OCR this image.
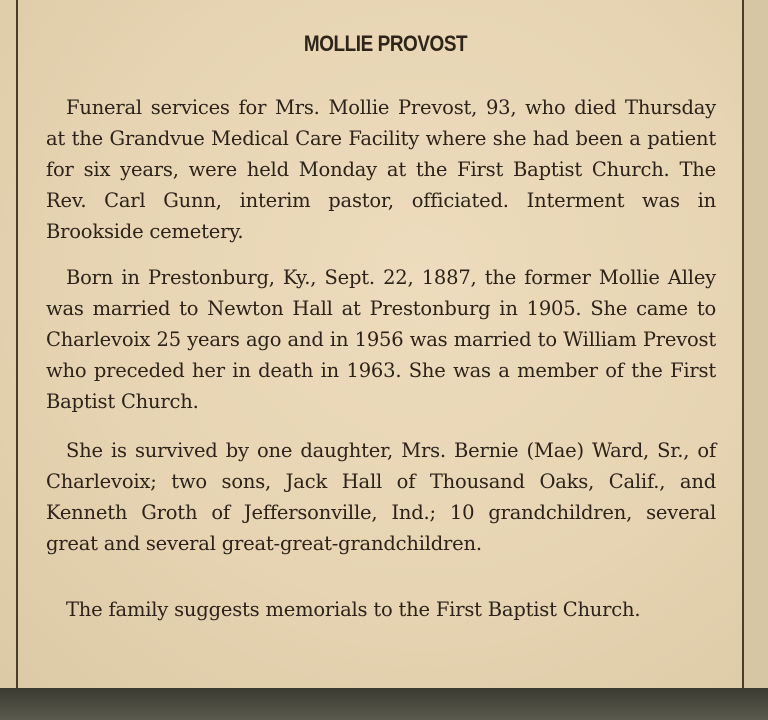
MOLLIE PROVOST

Funeral services for Mrs. Mollie Prevost, 93, who died Thursday at the Grandvue Medical Care Facility where she had been a patient for six years, were held Monday at the First Baptist Church. The Rev. Carl Gunn, interim pastor, officiated. Interment was in Brookside cemetery.

Born in Prestonburg, Ky., Sept. 22, 1887, the former Mollie Alley was married to Newton Hall at Prestonburg in 1905. She came to Charlevoix 25 years ago and in 1956 was married to William Prevost who preceded her in death in 1963. She was a member of the First Baptist Church.

She is survived by one daughter, Mrs. Bernie (Mae) Ward, Sr., of Charlevoix; two sons, Jack Hall of Thousand Oaks, Calif., and Kenneth Groth of Jeffersonville, Ind.; 10 grandchildren, several great and several great-great-grandchildren.

The family suggests memorials to the First Baptist Church.
